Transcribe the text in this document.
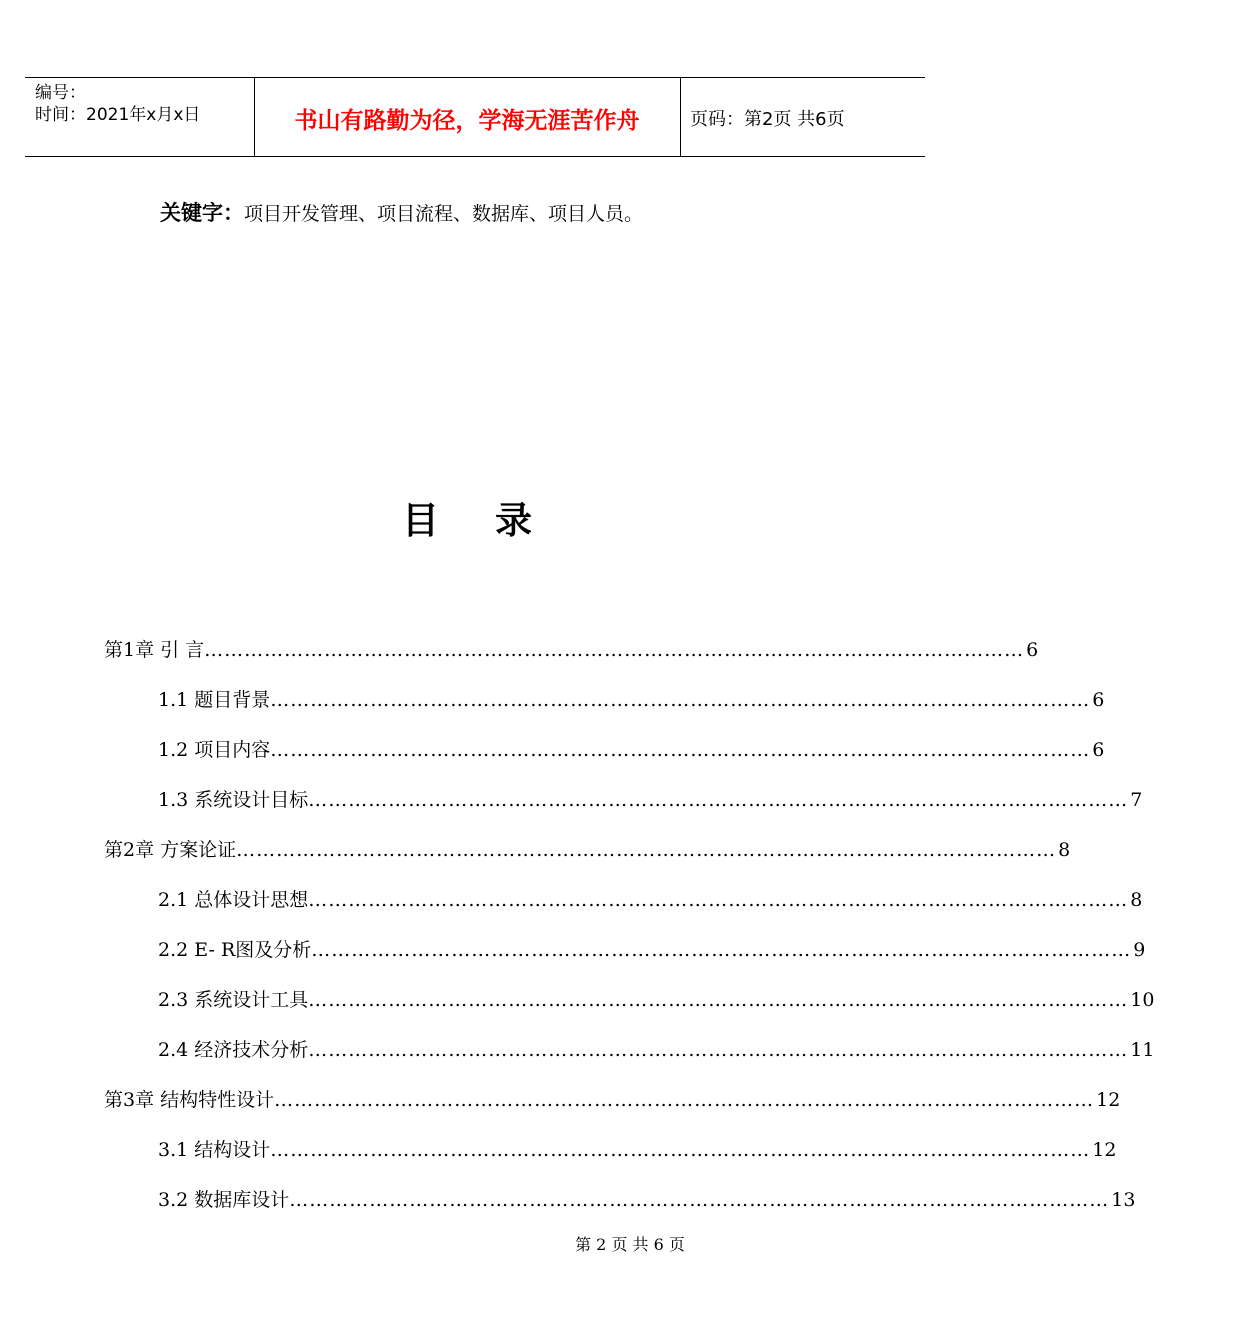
编号：
时间：2021年x月x日	书山有路勤为径，学海无涯苦作舟	页码：第2页 共6页
关键字：项目开发管理、项目流程、数据库、项目人员。
目录
第1章 引 言 …………………………………………………………………………………………………………… 6
1.1 题目背景 …………………………………………………………………………………………………………… 6
1.2 项目内容 …………………………………………………………………………………………………………… 6
1.3 系统设计目标 …………………………………………………………………………………………………………… 7
第2章 方案论证 …………………………………………………………………………………………………………… 8
2.1 总体设计思想 …………………………………………………………………………………………………………… 8
2.2 E- R图及分析 …………………………………………………………………………………………………………… 9
2.3 系统设计工具 …………………………………………………………………………………………………………… 10
2.4 经济技术分析 …………………………………………………………………………………………………………… 11
第3章 结构特性设计 …………………………………………………………………………………………………………… 12
3.1 结构设计 …………………………………………………………………………………………………………… 12
3.2 数据库设计 …………………………………………………………………………………………………………… 13
第 2 页 共 6 页
